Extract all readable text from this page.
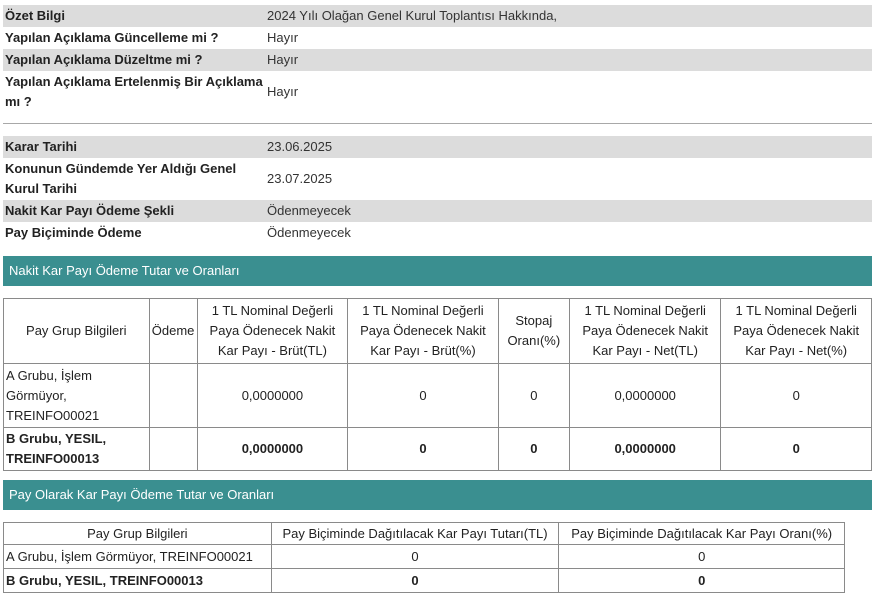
Özet Bilgi	2024 Yılı Olağan Genel Kurul Toplantısı Hakkında,
Yapılan Açıklama Güncelleme mi ?	Hayır
Yapılan Açıklama Düzeltme mi ?	Hayır
Yapılan Açıklama Ertelenmiş Bir Açıklama mı ?	Hayır
Karar Tarihi	23.06.2025
Konunun Gündemde Yer Aldığı Genel Kurul Tarihi	23.07.2025
Nakit Kar Payı Ödeme Şekli	Ödenmeyecek
Pay Biçiminde Ödeme	Ödenmeyecek
Nakit Kar Payı Ödeme Tutar ve Oranları
Pay Grup Bilgileri	Ödeme	1 TL Nominal Değerli Paya Ödenecek Nakit Kar Payı - Brüt(TL)	1 TL Nominal Değerli Paya Ödenecek Nakit Kar Payı - Brüt(%)	Stopaj Oranı(%)	1 TL Nominal Değerli Paya Ödenecek Nakit Kar Payı - Net(TL)	1 TL Nominal Değerli Paya Ödenecek Nakit Kar Payı - Net(%)
A Grubu, İşlem Görmüyor, TREINFO00021		0,0000000	0	0	0,0000000	0
B Grubu, YESIL, TREINFO00013		0,0000000	0	0	0,0000000	0
Pay Olarak Kar Payı Ödeme Tutar ve Oranları
Pay Grup Bilgileri	Pay Biçiminde Dağıtılacak Kar Payı Tutarı(TL)	Pay Biçiminde Dağıtılacak Kar Payı Oranı(%)
A Grubu, İşlem Görmüyor, TREINFO00021	0	0
B Grubu, YESIL, TREINFO00013	0	0
